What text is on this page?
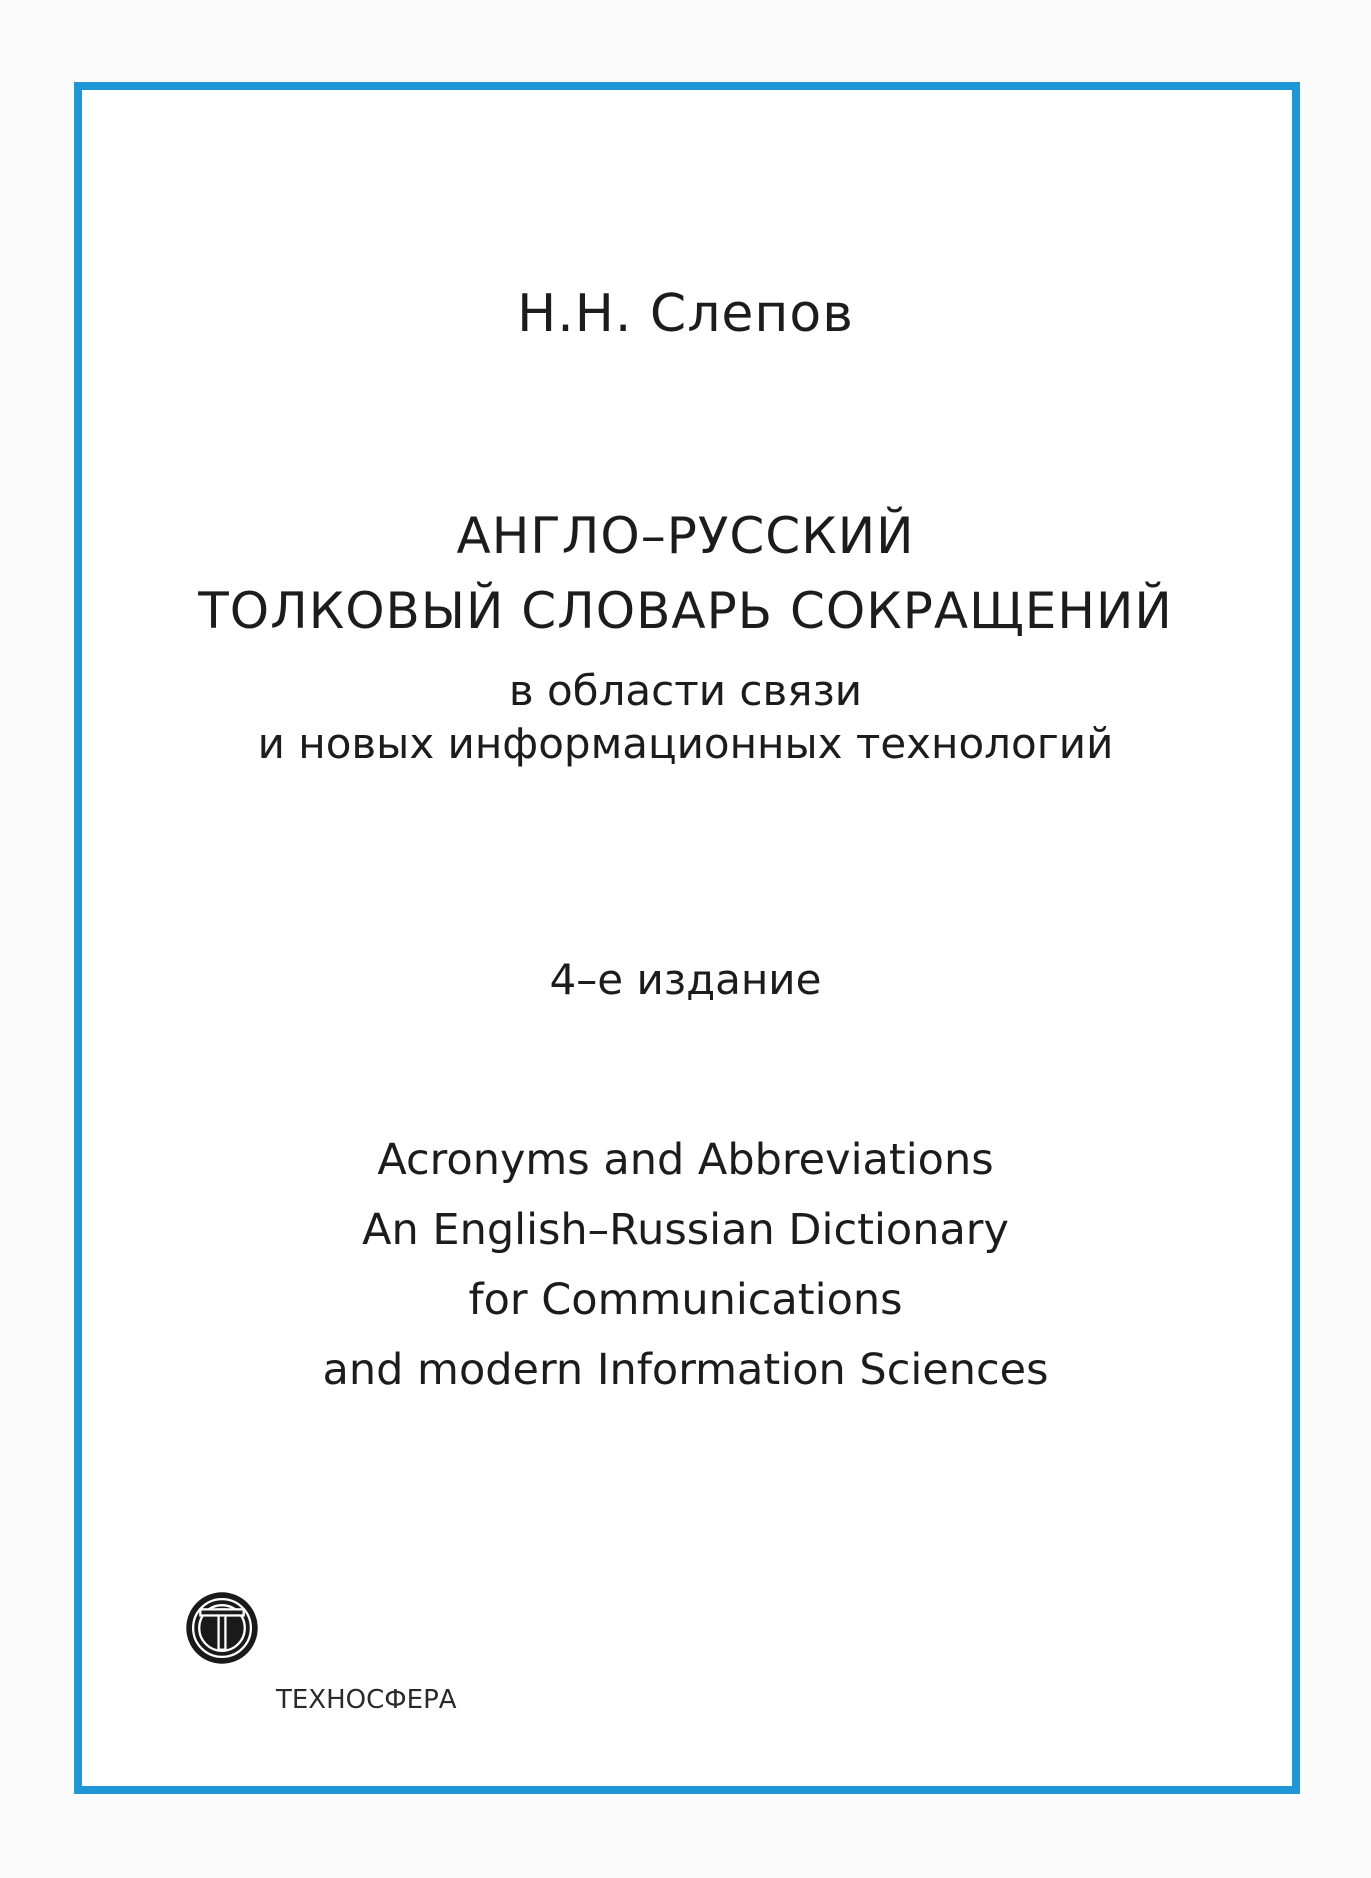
Н.Н. Слепов
АНГЛО–РУССКИЙ
ТОЛКОВЫЙ СЛОВАРЬ СОКРАЩЕНИЙ
в области связи
и новых информационных технологий
4–е издание
Acronyms and Abbreviations
An English–Russian Dictionary
for Communications
and modern Information Sciences
ТЕХНОСФЕРА
